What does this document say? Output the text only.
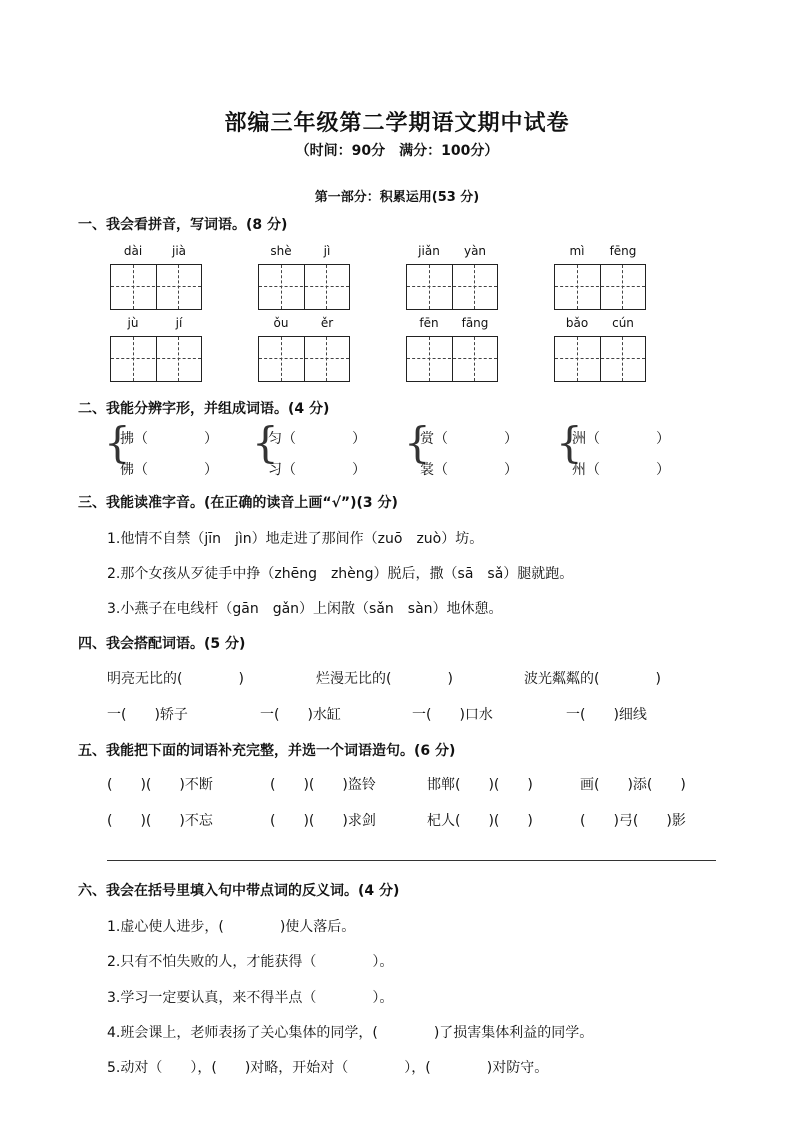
部编三年级第二学期语文期中试卷
（时间：90分　满分：100分）
第一部分：积累运用(53 分)
一、我会看拼音，写词语。(8 分)
dài	jià	shè	jì	jiǎn	yàn	mì	fēng
jù	jí	ǒu	ěr	fēn	fāng	bǎo	cún
二、我能分辨字形，并组成词语。(4 分)
{
拂（　　　　）
佛（　　　　）
{
匀（　　　　）
习（　　　　）
{
赏（　　　　）
裳（　　　　）
{
洲（　　　　）
州（　　　　）
三、我能读准字音。(在正确的读音上画“√”)(3 分)
1.他情不自禁（jīn　jìn）地走进了那间作（zuō　zuò）坊。
2.那个女孩从歹徒手中挣（zhēng　zhèng）脱后，撒（sā　sǎ）腿就跑。
3.小燕子在电线杆（gān　gǎn）上闲散（sǎn　sàn）地休憩。
四、我会搭配词语。(5 分)
明亮无比的(　　　　)	烂漫无比的(　　　　)	波光粼粼的(　　　　)
一(　　)轿子	一(　　)水缸	一(　　)口水	一(　　)细线
五、我能把下面的词语补充完整，并选一个词语造句。(6 分)
(　　)(　　)不断	(　　)(　　)盗铃	邯郸(　　)(　　)	画(　　)添(　　)
(　　)(　　)不忘	(　　)(　　)求剑	杞人(　　)(　　)	(　　)弓(　　)影
六、我会在括号里填入句中带点词的反义词。(4 分)
1.虚心使人进步，(　　　　)使人落后。
2.只有不怕失败的人，才能获得（　　　　）。
3.学习一定要认真，来不得半点（　　　　）。
4.班会课上，老师表扬了关心集体的同学，(　　　　)了损害集体利益的同学。
5.动对（　　），(　　)对略，开始对（　　　　），(　　　　)对防守。
